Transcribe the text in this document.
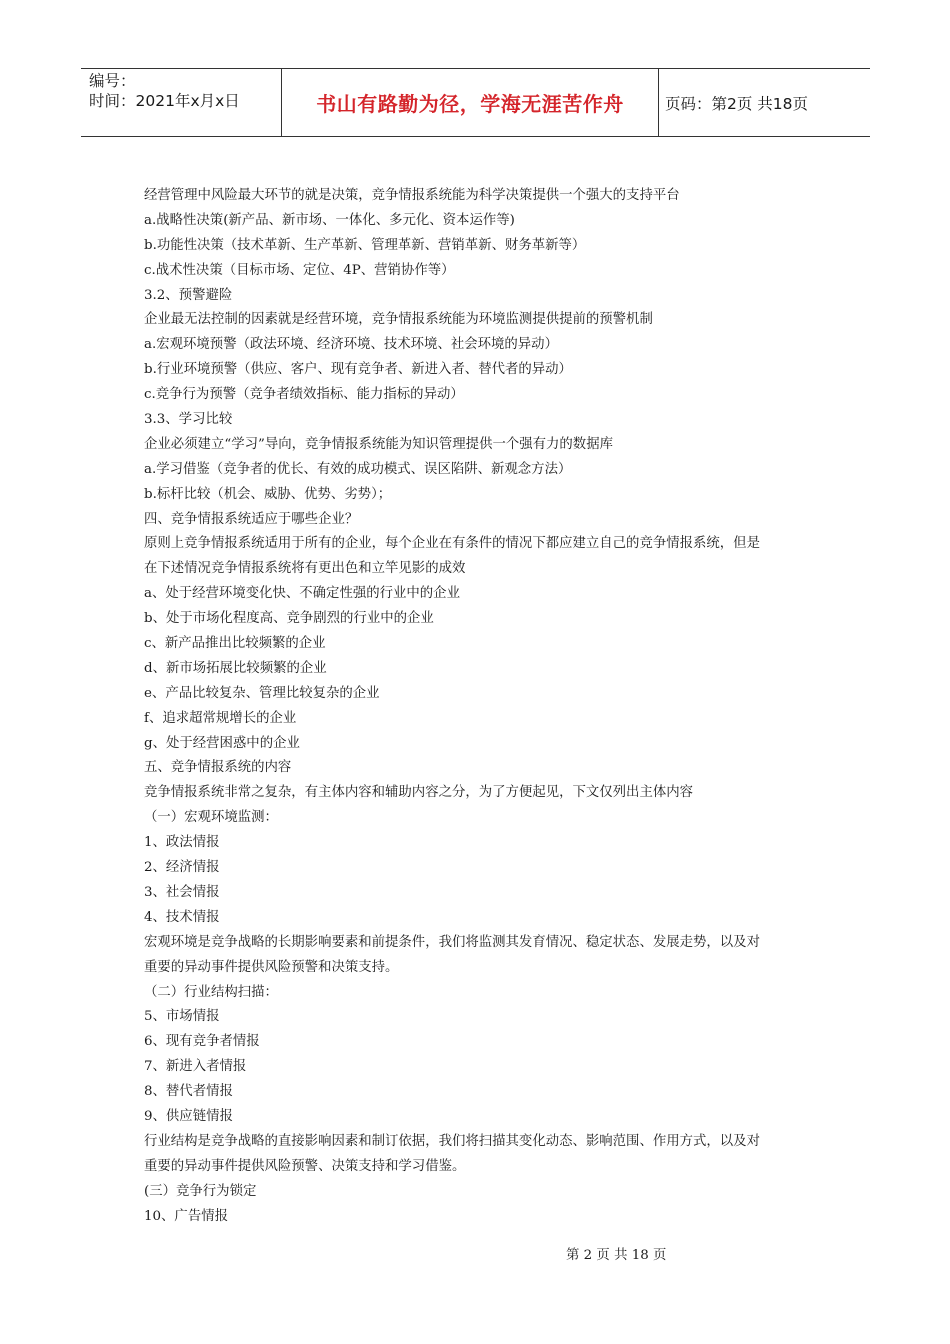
编号：
时间：2021年x月x日	书山有路勤为径，学海无涯苦作舟	页码：第2页 共18页
经营管理中风险最大环节的就是决策，竞争情报系统能为科学决策提供一个强大的支持平台
a.战略性决策(新产品、新市场、一体化、多元化、资本运作等)
b.功能性决策（技术革新、生产革新、管理革新、营销革新、财务革新等）
c.战术性决策（目标市场、定位、4P、营销协作等）
3.2、预警避险
企业最无法控制的因素就是经营环境，竞争情报系统能为环境监测提供提前的预警机制
a.宏观环境预警（政法环境、经济环境、技术环境、社会环境的异动）
b.行业环境预警（供应、客户、现有竞争者、新进入者、替代者的异动）
c.竞争行为预警（竞争者绩效指标、能力指标的异动）
3.3、学习比较
企业必须建立“学习”导向，竞争情报系统能为知识管理提供一个强有力的数据库
a.学习借鉴（竞争者的优长、有效的成功模式、误区陷阱、新观念方法）
b.标杆比较（机会、威胁、优势、劣势）；
四、竞争情报系统适应于哪些企业？
原则上竞争情报系统适用于所有的企业，每个企业在有条件的情况下都应建立自己的竞争情报系统，但是
在下述情况竞争情报系统将有更出色和立竿见影的成效
a、处于经营环境变化快、不确定性强的行业中的企业
b、处于市场化程度高、竞争剧烈的行业中的企业
c、新产品推出比较频繁的企业
d、新市场拓展比较频繁的企业
e、产品比较复杂、管理比较复杂的企业
f、追求超常规增长的企业
g、处于经营困惑中的企业
五、竞争情报系统的内容
竞争情报系统非常之复杂，有主体内容和辅助内容之分，为了方便起见，下文仅列出主体内容
（一）宏观环境监测：
1、政法情报
2、经济情报
3、社会情报
4、技术情报
宏观环境是竞争战略的长期影响要素和前提条件，我们将监测其发育情况、稳定状态、发展走势，以及对
重要的异动事件提供风险预警和决策支持。
（二）行业结构扫描：
5、市场情报
6、现有竞争者情报
7、新进入者情报
8、替代者情报
9、供应链情报
行业结构是竞争战略的直接影响因素和制订依据，我们将扫描其变化动态、影响范围、作用方式，以及对
重要的异动事件提供风险预警、决策支持和学习借鉴。
(三）竞争行为锁定
10、广告情报
第 2 页 共 18 页
